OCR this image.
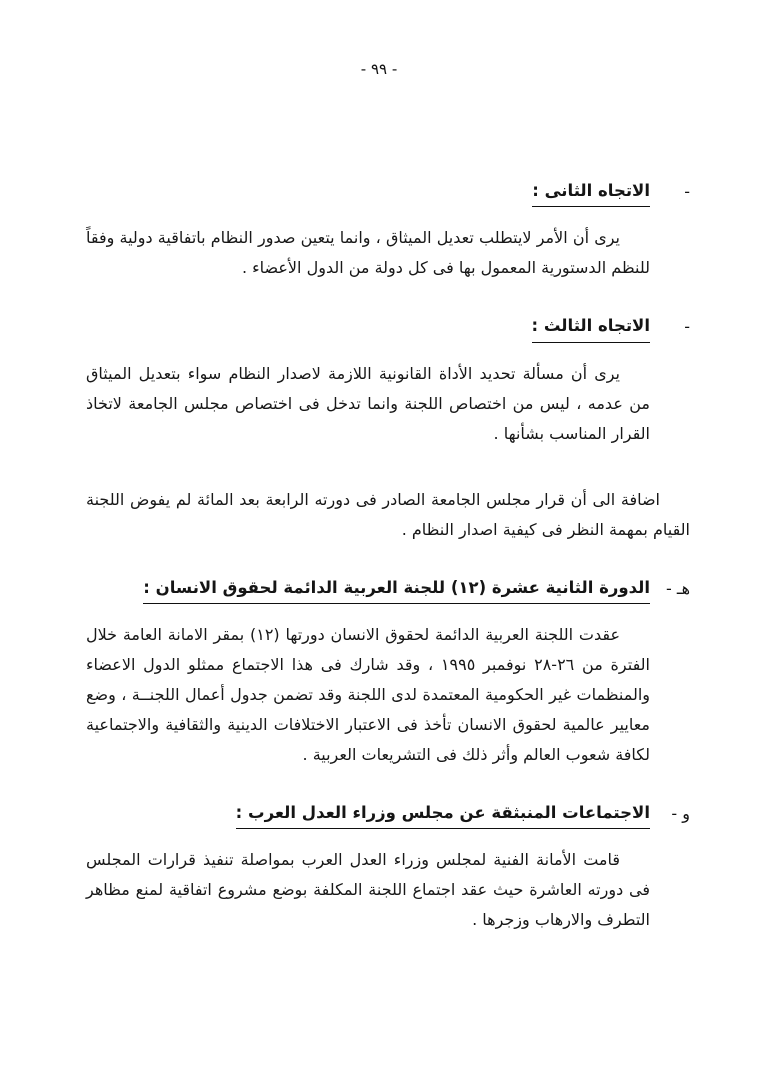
- ٩٩ -
-
الاتجاه الثانى :

يرى أن الأمر لايتطلب تعديل الميثاق ، وانما يتعين صدور النظام باتفاقية دولية وفقاً للنظم الدستورية المعمول بها فى كل دولة من الدول الأعضاء .

-
الاتجاه الثالث :

يرى أن مسألة تحديد الأداة القانونية اللازمة لاصدار النظام سواء بتعديل الميثاق من عدمه ، ليس من اختصاص اللجنة وانما تدخل فى اختصاص مجلس الجامعة لاتخاذ القرار المناسب بشأنها .

اضافة الى أن قرار مجلس الجامعة الصادر فى دورته الرابعة بعد المائة لم يفوض اللجنة القيام بمهمة النظر فى كيفية اصدار النظام .

هـ -
الدورة الثانية عشرة (١٢) للجنة العربية الدائمة لحقوق الانسان :

عقدت اللجنة العربية الدائمة لحقوق الانسان دورتها (١٢) بمقر الامانة العامة خلال الفترة من ٢٦-٢٨ نوفمبر ١٩٩٥ ، وقد شارك فى هذا الاجتماع ممثلو الدول الاعضاء والمنظمات غير الحكومية المعتمدة لدى اللجنة وقد تضمن جدول أعمال اللجنــة ، وضع معايير عالمية لحقوق الانسان تأخذ فى الاعتبار الاختلافات الدينية والثقافية والاجتماعية لكافة شعوب العالم وأثر ذلك فى التشريعات العربية .

و -
الاجتماعات المنبثقة عن مجلس وزراء العدل العرب :

قامت الأمانة الفنية لمجلس وزراء العدل العرب بمواصلة تنفيذ قرارات المجلس فى دورته العاشرة حيث عقد اجتماع اللجنة المكلفة بوضع مشروع اتفاقية لمنع مظاهر التطرف والارهاب وزجرها .
